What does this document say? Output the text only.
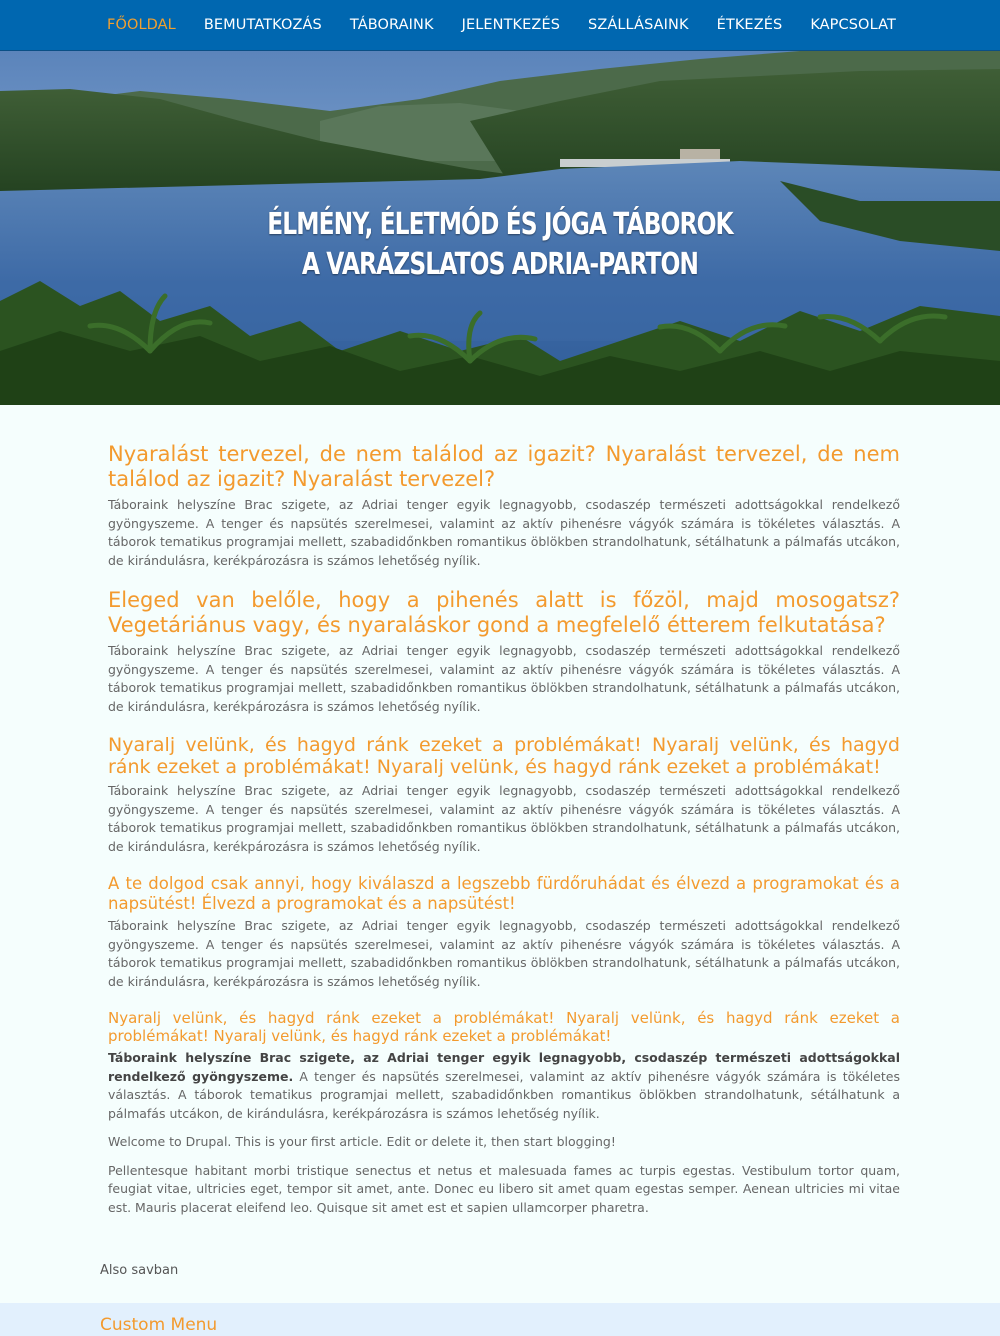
FŐOLDAL BEMUTATKOZÁS TÁBORAINK JELENTKEZÉS SZÁLLÁSAINK ÉTKEZÉS KAPCSOLAT
ÉLMÉNY, ÉLETMÓD ÉS JÓGA TÁBOROK
A VARÁZSLATOS ADRIA-PARTON
Nyaralást tervezel, de nem találod az igazit? Nyaralást tervezel, de nem találod az igazit? Nyaralást tervezel?

Táboraink helyszíne Brac szigete, az Adriai tenger egyik legnagyobb, csodaszép természeti adottságokkal rendelkező gyöngyszeme. A tenger és napsütés szerelmesei, valamint az aktív pihenésre vágyók számára is tökéletes választás. A táborok tematikus programjai mellett, szabadidőnkben romantikus öblökben strandolhatunk, sétálhatunk a pálmafás utcákon, de kirándulásra, kerékpározásra is számos lehetőség nyílik.

Eleged van belőle, hogy a pihenés alatt is főzöl, majd mosogatsz? Vegetáriánus vagy, és nyaraláskor gond a megfelelő étterem felkutatása?

Táboraink helyszíne Brac szigete, az Adriai tenger egyik legnagyobb, csodaszép természeti adottságokkal rendelkező gyöngyszeme. A tenger és napsütés szerelmesei, valamint az aktív pihenésre vágyók számára is tökéletes választás. A táborok tematikus programjai mellett, szabadidőnkben romantikus öblökben strandolhatunk, sétálhatunk a pálmafás utcákon, de kirándulásra, kerékpározásra is számos lehetőség nyílik.

Nyaralj velünk, és hagyd ránk ezeket a problémákat! Nyaralj velünk, és hagyd ránk ezeket a problémákat! Nyaralj velünk, és hagyd ránk ezeket a problémákat!

Táboraink helyszíne Brac szigete, az Adriai tenger egyik legnagyobb, csodaszép természeti adottságokkal rendelkező gyöngyszeme. A tenger és napsütés szerelmesei, valamint az aktív pihenésre vágyók számára is tökéletes választás. A táborok tematikus programjai mellett, szabadidőnkben romantikus öblökben strandolhatunk, sétálhatunk a pálmafás utcákon, de kirándulásra, kerékpározásra is számos lehetőség nyílik.

A te dolgod csak annyi, hogy kiválaszd a legszebb fürdőruhádat és élvezd a programokat és a napsütést! Élvezd a programokat és a napsütést!

Táboraink helyszíne Brac szigete, az Adriai tenger egyik legnagyobb, csodaszép természeti adottságokkal rendelkező gyöngyszeme. A tenger és napsütés szerelmesei, valamint az aktív pihenésre vágyók számára is tökéletes választás. A táborok tematikus programjai mellett, szabadidőnkben romantikus öblökben strandolhatunk, sétálhatunk a pálmafás utcákon, de kirándulásra, kerékpározásra is számos lehetőség nyílik.

Nyaralj velünk, és hagyd ránk ezeket a problémákat! Nyaralj velünk, és hagyd ránk ezeket a problémákat! Nyaralj velünk, és hagyd ránk ezeket a problémákat!

Táboraink helyszíne Brac szigete, az Adriai tenger egyik legnagyobb, csodaszép természeti adottságokkal rendelkező gyöngyszeme. A tenger és napsütés szerelmesei, valamint az aktív pihenésre vágyók számára is tökéletes választás. A táborok tematikus programjai mellett, szabadidőnkben romantikus öblökben strandolhatunk, sétálhatunk a pálmafás utcákon, de kirándulásra, kerékpározásra is számos lehetőség nyílik.

Welcome to Drupal. This is your first article. Edit or delete it, then start blogging!

Pellentesque habitant morbi tristique senectus et netus et malesuada fames ac turpis egestas. Vestibulum tortor quam, feugiat vitae, ultricies eget, tempor sit amet, ante. Donec eu libero sit amet quam egestas semper. Aenean ultricies mi vitae est. Mauris placerat eleifend leo. Quisque sit amet est et sapien ullamcorper pharetra.

Also savban
Custom Menu
